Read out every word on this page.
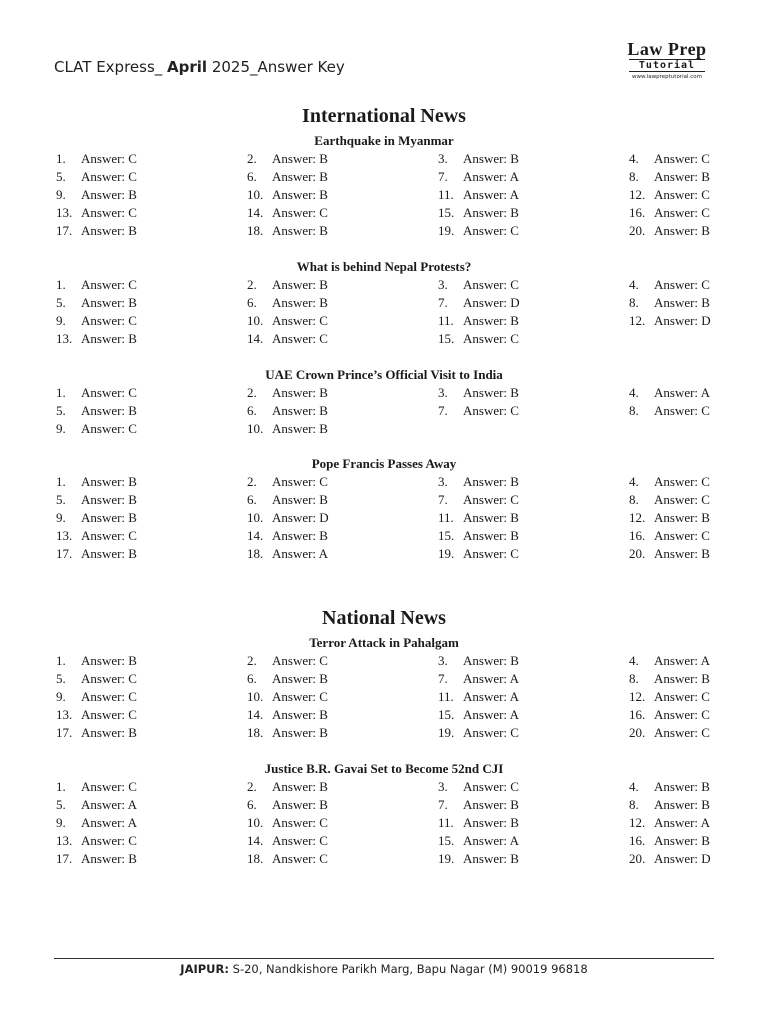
CLAT Express_ April 2025_Answer Key
Law Prep
Tutorial
www.lawpreptutorial.com
International News
Earthquake in Myanmar
1. Answer: C	2. Answer: B	3. Answer: B	4. Answer: C
5. Answer: C	6. Answer: B	7. Answer: A	8. Answer: B
9. Answer: B	10. Answer: B	11. Answer: A	12. Answer: C
13. Answer: C	14. Answer: C	15. Answer: B	16. Answer: C
17. Answer: B	18. Answer: B	19. Answer: C	20. Answer: B
What is behind Nepal Protests?
1. Answer: C	2. Answer: B	3. Answer: C	4. Answer: C
5. Answer: B	6. Answer: B	7. Answer: D	8. Answer: B
9. Answer: C	10. Answer: C	11. Answer: B	12. Answer: D
13. Answer: B	14. Answer: C	15. Answer: C
UAE Crown Prince’s Official Visit to India
1. Answer: C	2. Answer: B	3. Answer: B	4. Answer: A
5. Answer: B	6. Answer: B	7. Answer: C	8. Answer: C
9. Answer: C	10. Answer: B
Pope Francis Passes Away
1. Answer: B	2. Answer: C	3. Answer: B	4. Answer: C
5. Answer: B	6. Answer: B	7. Answer: C	8. Answer: C
9. Answer: B	10. Answer: D	11. Answer: B	12. Answer: B
13. Answer: C	14. Answer: B	15. Answer: B	16. Answer: C
17. Answer: B	18. Answer: A	19. Answer: C	20. Answer: B
National News
Terror Attack in Pahalgam
1. Answer: B	2. Answer: C	3. Answer: B	4. Answer: A
5. Answer: C	6. Answer: B	7. Answer: A	8. Answer: B
9. Answer: C	10. Answer: C	11. Answer: A	12. Answer: C
13. Answer: C	14. Answer: B	15. Answer: A	16. Answer: C
17. Answer: B	18. Answer: B	19. Answer: C	20. Answer: C
Justice B.R. Gavai Set to Become 52nd CJI
1. Answer: C	2. Answer: B	3. Answer: C	4. Answer: B
5. Answer: A	6. Answer: B	7. Answer: B	8. Answer: B
9. Answer: A	10. Answer: C	11. Answer: B	12. Answer: A
13. Answer: C	14. Answer: C	15. Answer: A	16. Answer: B
17. Answer: B	18. Answer: C	19. Answer: B	20. Answer: D
JAIPUR: S-20, Nandkishore Parikh Marg, Bapu Nagar (M) 90019 96818
